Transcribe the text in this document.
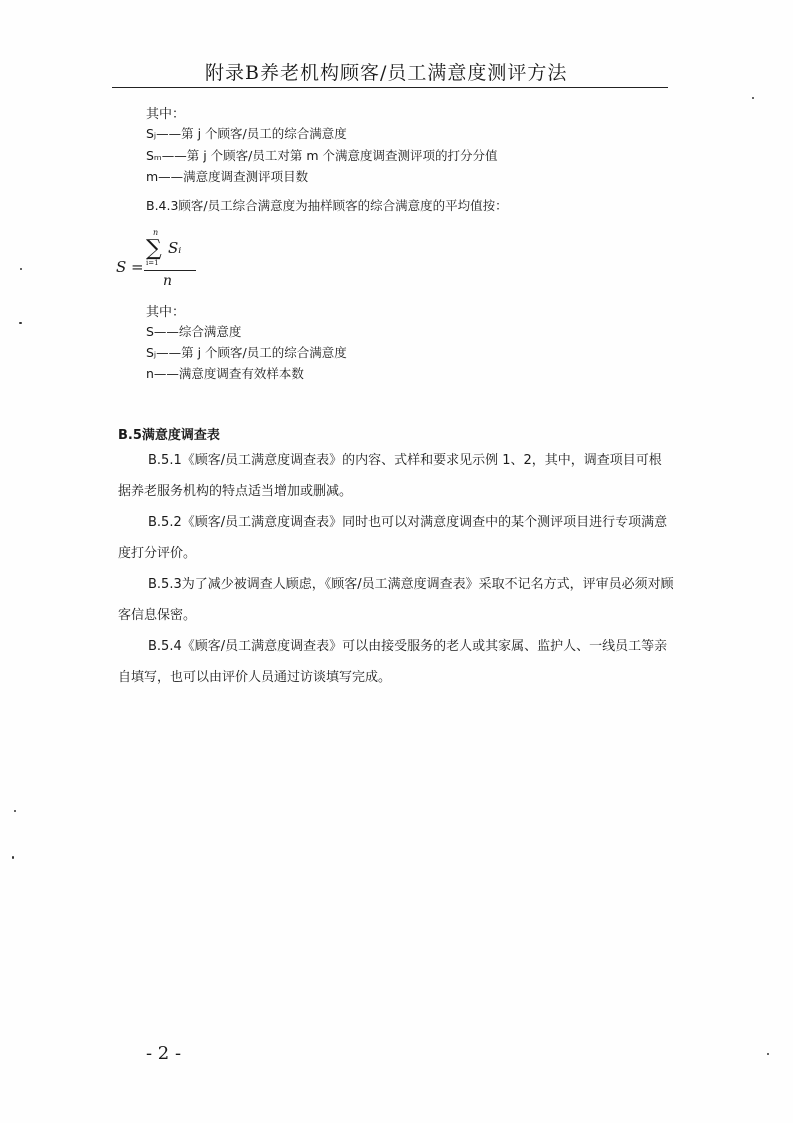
附录B养老机构顾客/员工满意度测评方法
其中：
Sⱼ——第 j 个顾客/员工的综合满意度
Sₘ——第 j 个顾客/员工对第 m 个满意度调查测评项的打分分值
m——满意度调查测评项目数
B.4.3顾客/员工综合满意度为抽样顾客的综合满意度的平均值按：
S =
n
∑
i=1
Sᵢ
n
其中：
S——综合满意度
Sⱼ——第 j 个顾客/员工的综合满意度
n——满意度调查有效样本数
B.5满意度调查表
B.5.1《顾客/员工满意度调查表》的内容、式样和要求见示例 1、2，其中，调查项目可根据养老服务机构的特点适当增加或删减。
B.5.2《顾客/员工满意度调查表》同时也可以对满意度调查中的某个测评项目进行专项满意度打分评价。
B.5.3为了减少被调查人顾虑，《顾客/员工满意度调查表》采取不记名方式，评审员必须对顾客信息保密。
B.5.4《顾客/员工满意度调查表》可以由接受服务的老人或其家属、监护人、一线员工等亲自填写，也可以由评价人员通过访谈填写完成。
- 2 -
